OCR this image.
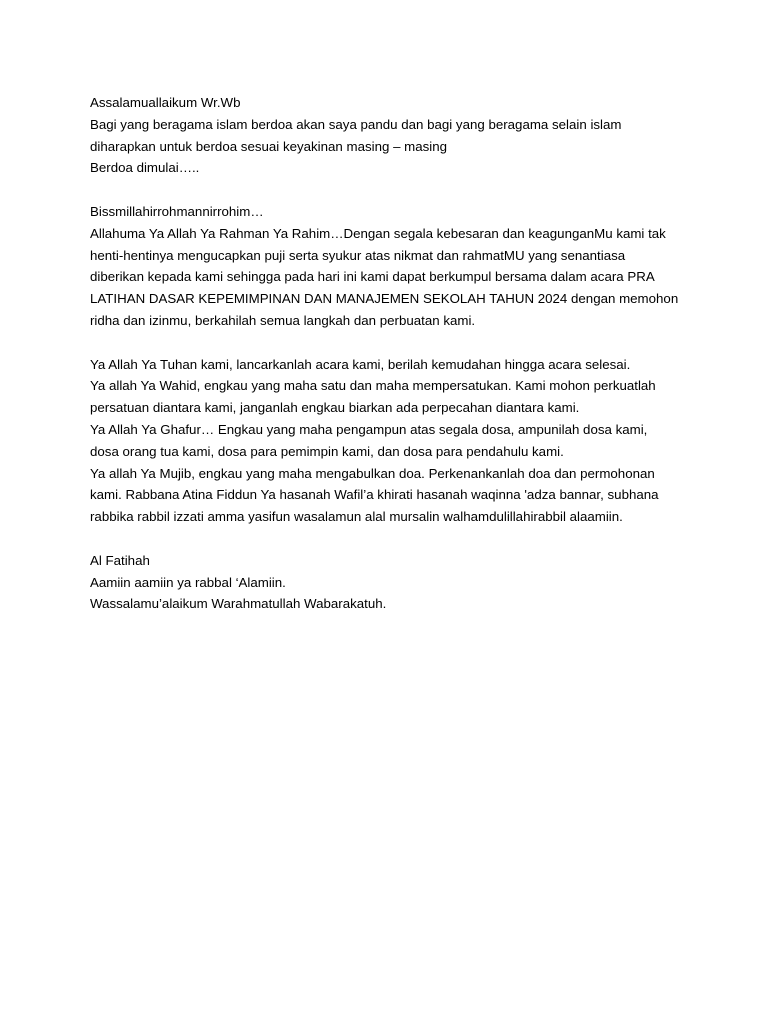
Assalamuallaikum Wr.Wb
Bagi yang beragama islam berdoa akan saya pandu dan bagi yang beragama selain islam
diharapkan untuk berdoa sesuai keyakinan masing – masing
Berdoa dimulai…..
Bissmillahirrohmannirrohim…
Allahuma Ya Allah Ya Rahman Ya Rahim…Dengan segala kebesaran dan keagunganMu kami tak
henti-hentinya mengucapkan puji serta syukur atas nikmat dan rahmatMU yang senantiasa
diberikan kepada kami sehingga pada hari ini kami dapat berkumpul bersama dalam acara PRA
LATIHAN DASAR KEPEMIMPINAN DAN MANAJEMEN SEKOLAH TAHUN 2024 dengan memohon
ridha dan izinmu, berkahilah semua langkah dan perbuatan kami.
Ya Allah Ya Tuhan kami, lancarkanlah acara kami, berilah kemudahan hingga acara selesai.
Ya allah Ya Wahid, engkau yang maha satu dan maha mempersatukan. Kami mohon perkuatlah
persatuan diantara kami, janganlah engkau biarkan ada perpecahan diantara kami.
Ya Allah Ya Ghafur… Engkau yang maha pengampun atas segala dosa, ampunilah dosa kami,
dosa orang tua kami, dosa para pemimpin kami, dan dosa para pendahulu kami.
Ya allah Ya Mujib, engkau yang maha mengabulkan doa. Perkenankanlah doa dan permohonan
kami. Rabbana Atina Fiddun Ya hasanah Wafil’a khirati hasanah waqinna 'adza bannar, subhana
rabbika rabbil izzati amma yasifun wasalamun alal mursalin walhamdulillahirabbil alaamiin.
Al Fatihah
Aamiin aamiin ya rabbal ‘Alamiin.
Wassalamu’alaikum Warahmatullah Wabarakatuh.
